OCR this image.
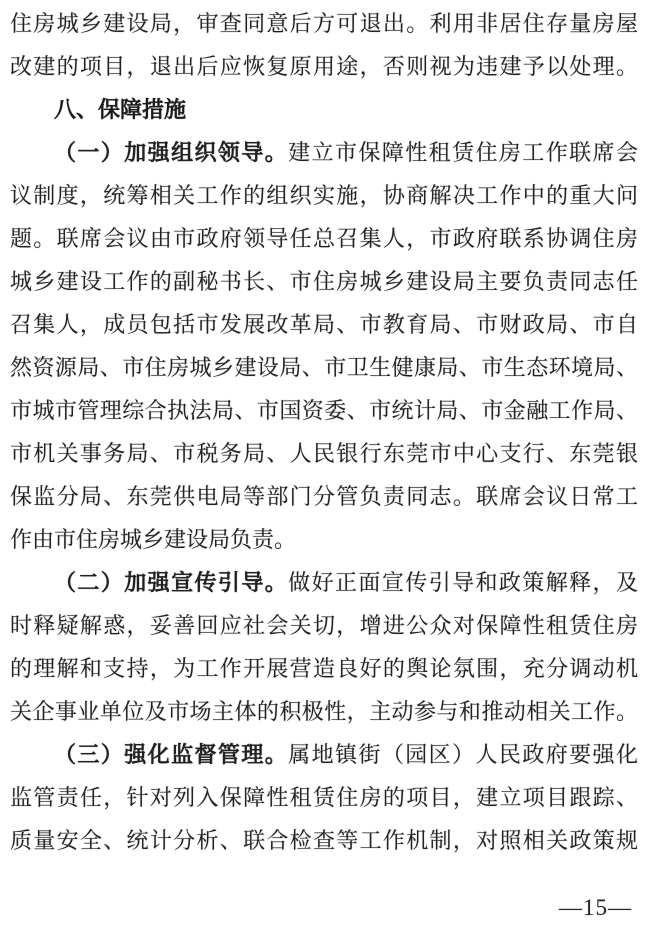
住房城乡建设局，审查同意后方可退出。利用非居住存量房屋
改建的项目，退出后应恢复原用途，否则视为违建予以处理。
八、保障措施
（一）加强组织领导。建立市保障性租赁住房工作联席会
议制度，统筹相关工作的组织实施，协商解决工作中的重大问
题。联席会议由市政府领导任总召集人，市政府联系协调住房
城乡建设工作的副秘书长、市住房城乡建设局主要负责同志任
召集人，成员包括市发展改革局、市教育局、市财政局、市自
然资源局、市住房城乡建设局、市卫生健康局、市生态环境局、
市城市管理综合执法局、市国资委、市统计局、市金融工作局、
市机关事务局、市税务局、人民银行东莞市中心支行、东莞银
保监分局、东莞供电局等部门分管负责同志。联席会议日常工
作由市住房城乡建设局负责。
（二）加强宣传引导。做好正面宣传引导和政策解释，及
时释疑解惑，妥善回应社会关切，增进公众对保障性租赁住房
的理解和支持，为工作开展营造良好的舆论氛围，充分调动机
关企事业单位及市场主体的积极性，主动参与和推动相关工作。
（三）强化监督管理。属地镇街（园区）人民政府要强化
监管责任，针对列入保障性租赁住房的项目，建立项目跟踪、
质量安全、统计分析、联合检查等工作机制，对照相关政策规
—15—
